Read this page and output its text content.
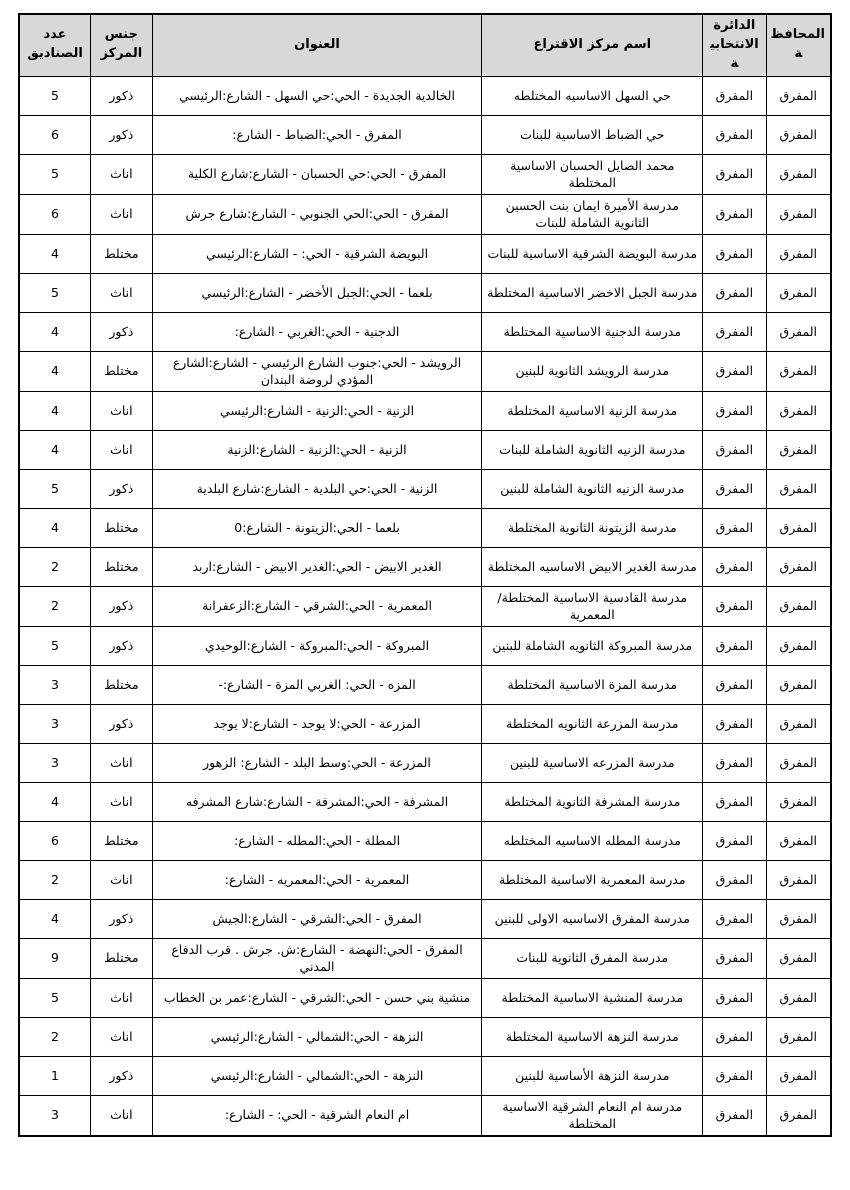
المحافظة	الدائرة الانتخابية	اسم مركز الاقتراع	العنوان	جنس المركز	عدد الصناديق
المفرق	المفرق	حي السهل الاساسيه المختلطه	الخالدية الجديدة - الحي:حي السهل - الشارع:الرئيسي	ذكور	5
المفرق	المفرق	حي الضباط الاساسية للبنات	المفرق - الحي:الضباط - الشارع:	ذكور	6
المفرق	المفرق	محمد الصايل الحسبان الاساسية المختلطة	المفرق - الحي:حي الحسبان - الشارع:شارع الكلية	اناث	5
المفرق	المفرق	مدرسة الأميرة ايمان بنت الحسين الثانوية الشاملة للبنات	المفرق - الحي:الحي الجنوبي - الشارع:شارع جرش	اناث	6
المفرق	المفرق	مدرسة البويضة الشرقية الاساسية للبنات	البويضة الشرقية - الحي: - الشارع:الرئيسي	مختلط	4
المفرق	المفرق	مدرسة الجبل الاخضر الاساسية المختلطة	بلعما - الحي:الجبل الأخضر - الشارع:الرئيسي	اناث	5
المفرق	المفرق	مدرسة الدجنية الاساسية المختلطة	الدجنية - الحي:الغربي - الشارع:	ذكور	4
المفرق	المفرق	مدرسة الرويشد الثانوية للبنين	الرويشد - الحي:جنوب الشارع الرئيسي - الشارع:الشارع المؤدي لروضة البندان	مختلط	4
المفرق	المفرق	مدرسة الزنية الاساسية المختلطة	الزنية - الحي:الزنية - الشارع:الرئيسي	اناث	4
المفرق	المفرق	مدرسة الزنيه الثانوية الشاملة للبنات	الزنية - الحي:الزنية - الشارع:الزنية	اناث	4
المفرق	المفرق	مدرسة الزنيه الثانوية الشاملة للبنين	الزنية - الحي:حي البلدية - الشارع:شارع البلدية	ذكور	5
المفرق	المفرق	مدرسة الزيتونة الثانوية المختلطة	بلعما - الحي:الزيتونة - الشارع:0	مختلط	4
المفرق	المفرق	مدرسة الغدير الابيض الاساسيه المختلطة	الغدير الابيض - الحي:الغدير الابيض - الشارع:اربد	مختلط	2
المفرق	المفرق	مدرسة القادسية الاساسية المختلطة/المعمرية	المعمرية - الحي:الشرقي - الشارع:الزعفرانة	ذكور	2
المفرق	المفرق	مدرسة المبروكة الثانويه الشاملة للبنين	المبروكة - الحي:المبروكة - الشارع:الوحيدي	ذكور	5
المفرق	المفرق	مدرسة المزة الاساسية المختلطة	المزه - الحي: الغربي المزة - الشارع:-	مختلط	3
المفرق	المفرق	مدرسة المزرعة الثانويه المختلطة	المزرعة - الحي:لا يوجد - الشارع:لا يوجد	ذكور	3
المفرق	المفرق	مدرسة المزرعه الاساسية للبنين	المزرعة - الحي:وسط البلد - الشارع: الزهور	اناث	3
المفرق	المفرق	مدرسة المشرفة الثانوية المختلطة	المشرفة - الحي:المشرفة - الشارع:شارع المشرفه	اناث	4
المفرق	المفرق	مدرسة المطله الاساسيه المختلطه	المطلة - الحي:المطله - الشارع:	مختلط	6
المفرق	المفرق	مدرسة المعمرية الاساسية المختلطة	المعمرية - الحي:المعمريه - الشارع:	اناث	2
المفرق	المفرق	مدرسة المفرق الاساسيه الاولى للبنين	المفرق - الحي:الشرقي - الشارع:الجيش	ذكور	4
المفرق	المفرق	مدرسة المفرق الثانوية للبنات	المفرق - الحي:النهضة - الشارع:ش. جرش . قرب الدفاع المدني	مختلط	9
المفرق	المفرق	مدرسة المنشية الاساسية المختلطة	منشية بني حسن - الحي:الشرقي - الشارع:عمر بن الخطاب	اناث	5
المفرق	المفرق	مدرسة النزهة الاساسية المختلطة	النزهة - الحي:الشمالي - الشارع:الرئيسي	اناث	2
المفرق	المفرق	مدرسة النزهة الأساسية للبنين	النزهة - الحي:الشمالي - الشارع:الرئيسي	ذكور	1
المفرق	المفرق	مدرسة ام النعام الشرقية الاساسية المختلطة	ام النعام الشرقية - الحي: - الشارع:	اناث	3
